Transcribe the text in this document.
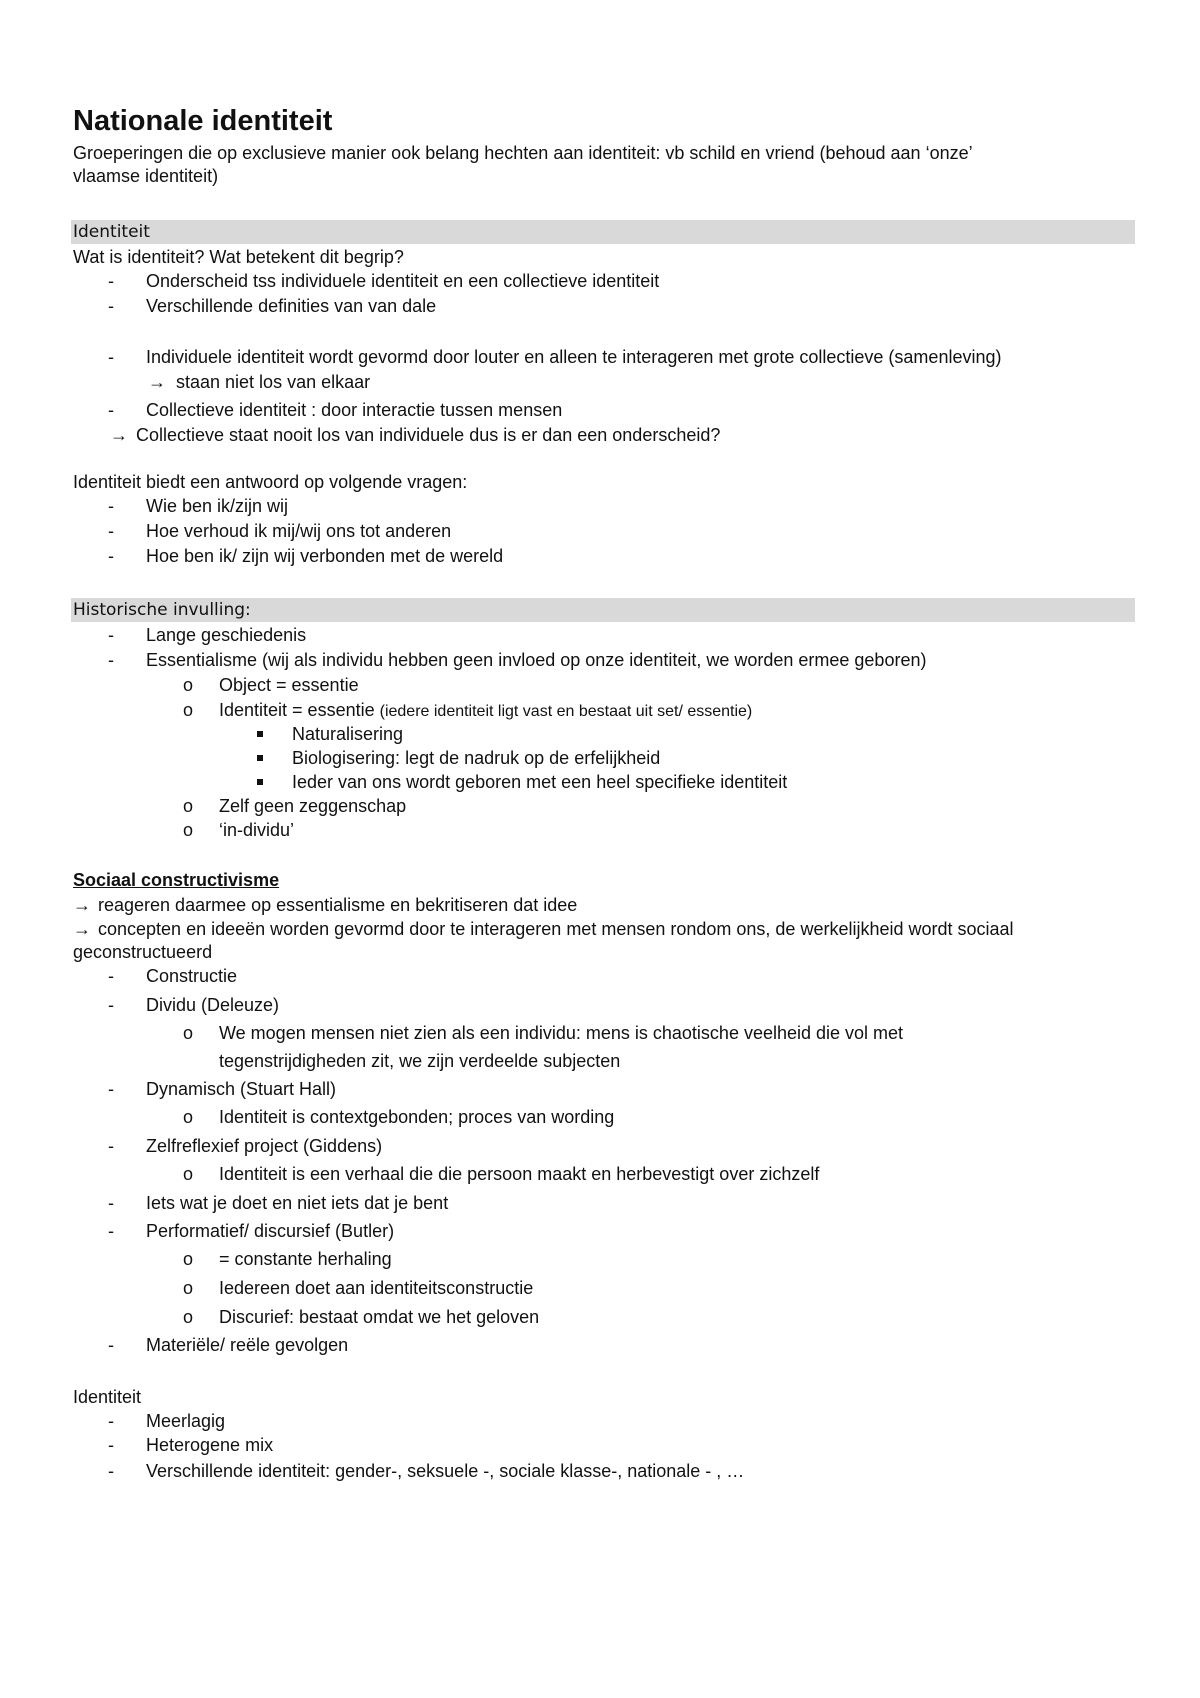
Nationale identiteit
Groeperingen die op exclusieve manier ook belang hechten aan identiteit: vb schild en vriend (behoud aan ‘onze’
vlaamse identiteit)
Identiteit
Wat is identiteit? Wat betekent dit begrip?
- Onderscheid tss individuele identiteit en een collectieve identiteit
- Verschillende definities van van dale
- Individuele identiteit wordt gevormd door louter en alleen te interageren met grote collectieve (samenleving)
→ staan niet los van elkaar
- Collectieve identiteit : door interactie tussen mensen
→ Collectieve staat nooit los van individuele dus is er dan een onderscheid?
Identiteit biedt een antwoord op volgende vragen:
- Wie ben ik/zijn wij
- Hoe verhoud ik mij/wij ons tot anderen
- Hoe ben ik/ zijn wij verbonden met de wereld
Historische invulling:
- Lange geschiedenis
- Essentialisme (wij als individu hebben geen invloed op onze identiteit, we worden ermee geboren)
o Object = essentie
o Identiteit = essentie (iedere identiteit ligt vast en bestaat uit set/ essentie)
Naturalisering
Biologisering: legt de nadruk op de erfelijkheid
Ieder van ons wordt geboren met een heel specifieke identiteit
o Zelf geen zeggenschap
o ‘in-dividu’
Sociaal constructivisme
→ reageren daarmee op essentialisme en bekritiseren dat idee
→ concepten en ideeën worden gevormd door te interageren met mensen rondom ons, de werkelijkheid wordt sociaal
geconstructueerd
- Constructie
- Dividu (Deleuze)
o We mogen mensen niet zien als een individu: mens is chaotische veelheid die vol met
tegenstrijdigheden zit, we zijn verdeelde subjecten
- Dynamisch (Stuart Hall)
o Identiteit is contextgebonden; proces van wording
- Zelfreflexief project (Giddens)
o Identiteit is een verhaal die die persoon maakt en herbevestigt over zichzelf
- Iets wat je doet en niet iets dat je bent
- Performatief/ discursief (Butler)
o = constante herhaling
o Iedereen doet aan identiteitsconstructie
o Discurief: bestaat omdat we het geloven
- Materiële/ reële gevolgen
Identiteit
- Meerlagig
- Heterogene mix
- Verschillende identiteit: gender-, seksuele -, sociale klasse-, nationale - , …
